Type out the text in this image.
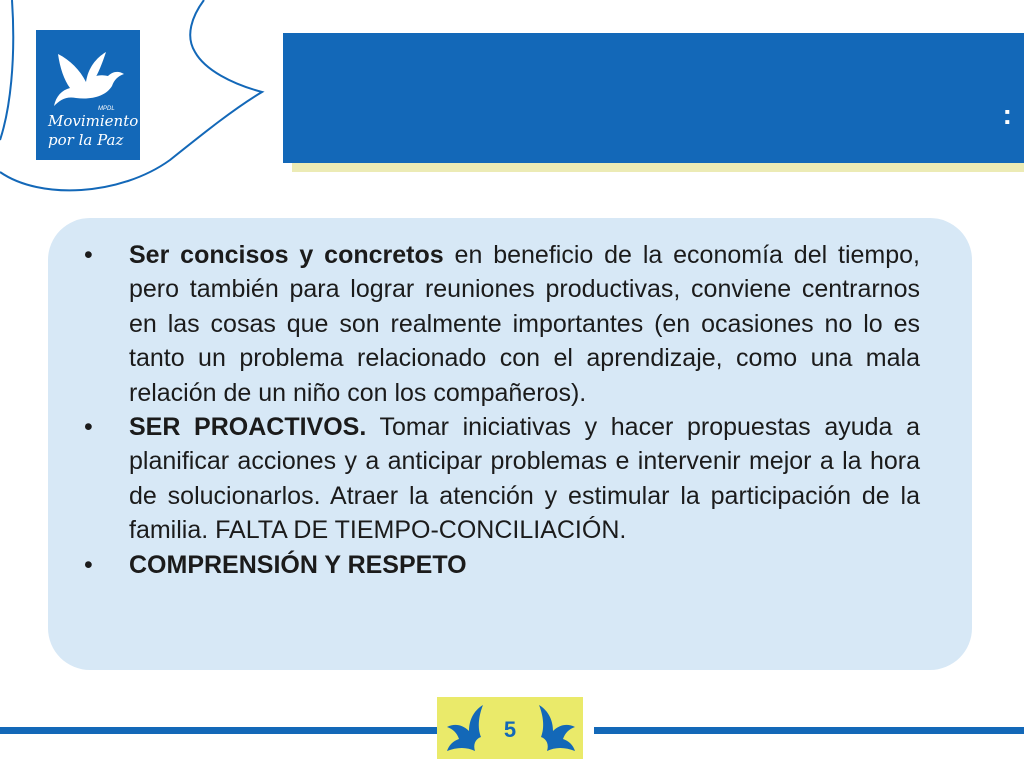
MPDL
Movimiento
por la Paz
:
• Ser concisos y concretos en beneficio de la economía del tiempo, pero también para lograr reuniones productivas, conviene centrarnos en las cosas que son realmente importantes (en ocasiones no lo es tanto un problema relacionado con el aprendizaje, como una mala relación de un niño con los compañeros).
• SER PROACTIVOS. Tomar iniciativas y hacer propuestas ayuda a planificar acciones y a anticipar problemas e intervenir mejor a la hora de solucionarlos. Atraer la atención y estimular la participación de la familia. FALTA DE TIEMPO-CONCILIACIÓN.
• COMPRENSIÓN Y RESPETO
5
